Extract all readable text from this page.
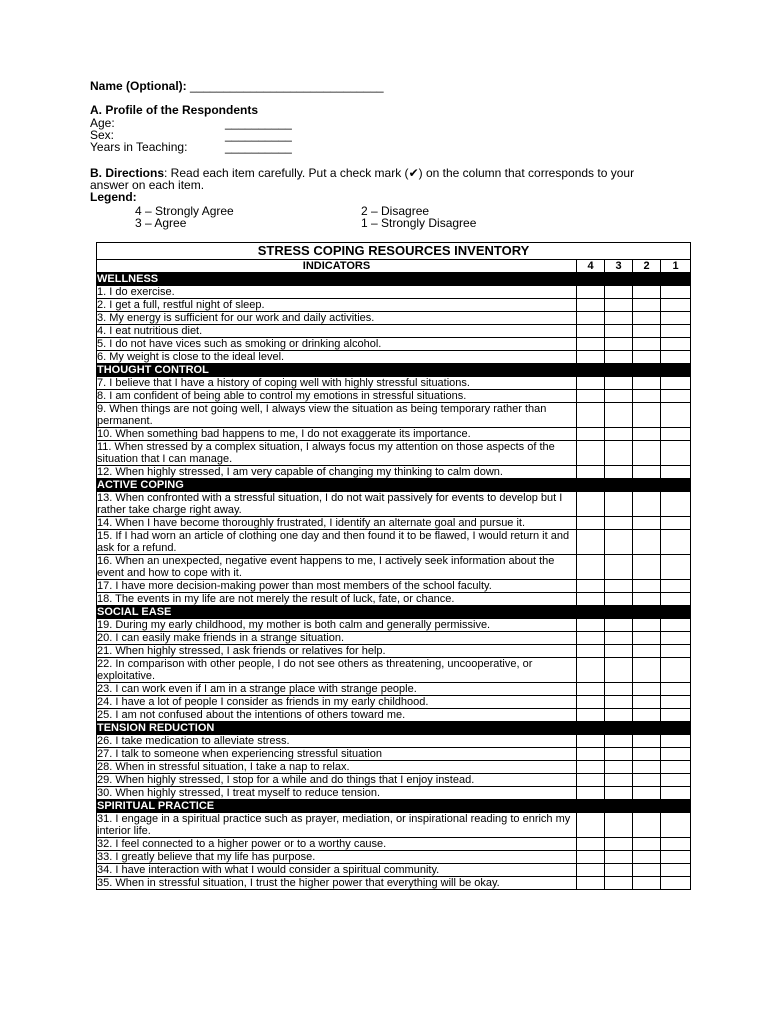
Name (Optional): _____________________________
A. Profile of the Respondents
Age:	__________
Sex:	__________
Years in Teaching:	__________
B. Directions: Read each item carefully. Put a check mark (✔) on the column that corresponds to your
answer on each item.
Legend:
4 – Strongly Agree	2 – Disagree
3 – Agree	1 – Strongly Disagree
STRESS COPING RESOURCES INVENTORY				
INDICATORS	4	3	2	1
WELLNESS				
1. I do exercise.				
2. I get a full, restful night of sleep.				
3. My energy is sufficient for our work and daily activities.				
4. I eat nutritious diet.				
5. I do not have vices such as smoking or drinking alcohol.				
6. My weight is close to the ideal level.				
THOUGHT CONTROL				
7. I believe that I have a history of coping well with highly stressful situations.				
8. I am confident of being able to control my emotions in stressful situations.				
9. When things are not going well, I always view the situation as being temporary rather than permanent.				
10. When something bad happens to me, I do not exaggerate its importance.				
11. When stressed by a complex situation, I always focus my attention on those aspects of the situation that I can manage.				
12. When highly stressed, I am very capable of changing my thinking to calm down.				
ACTIVE COPING				
13. When confronted with a stressful situation, I do not wait passively for events to develop but I rather take charge right away.				
14. When I have become thoroughly frustrated, I identify an alternate goal and pursue it.				
15. If I had worn an article of clothing one day and then found it to be flawed, I would return it and ask for a refund.				
16. When an unexpected, negative event happens to me, I actively seek information about the event and how to cope with it.				
17. I have more decision-making power than most members of the school faculty.				
18. The events in my life are not merely the result of luck, fate, or chance.				
SOCIAL EASE				
19. During my early childhood, my mother is both calm and generally permissive.				
20. I can easily make friends in a strange situation.				
21. When highly stressed, I ask friends or relatives for help.				
22. In comparison with other people, I do not see others as threatening, uncooperative, or exploitative.				
23. I can work even if I am in a strange place with strange people.				
24. I have a lot of people I consider as friends in my early childhood.				
25. I am not confused about the intentions of others toward me.				
TENSION REDUCTION				
26. I take medication to alleviate stress.				
27. I talk to someone when experiencing stressful situation				
28. When in stressful situation, I take a nap to relax.				
29. When highly stressed, I stop for a while and do things that I enjoy instead.				
30. When highly stressed, I treat myself to reduce tension.				
SPIRITUAL PRACTICE				
31. I engage in a spiritual practice such as prayer, mediation, or inspirational reading to enrich my interior life.				
32. I feel connected to a higher power or to a worthy cause.				
33. I greatly believe that my life has purpose.				
34. I have interaction with what I would consider a spiritual community.				
35. When in stressful situation, I trust the higher power that everything will be okay.				
